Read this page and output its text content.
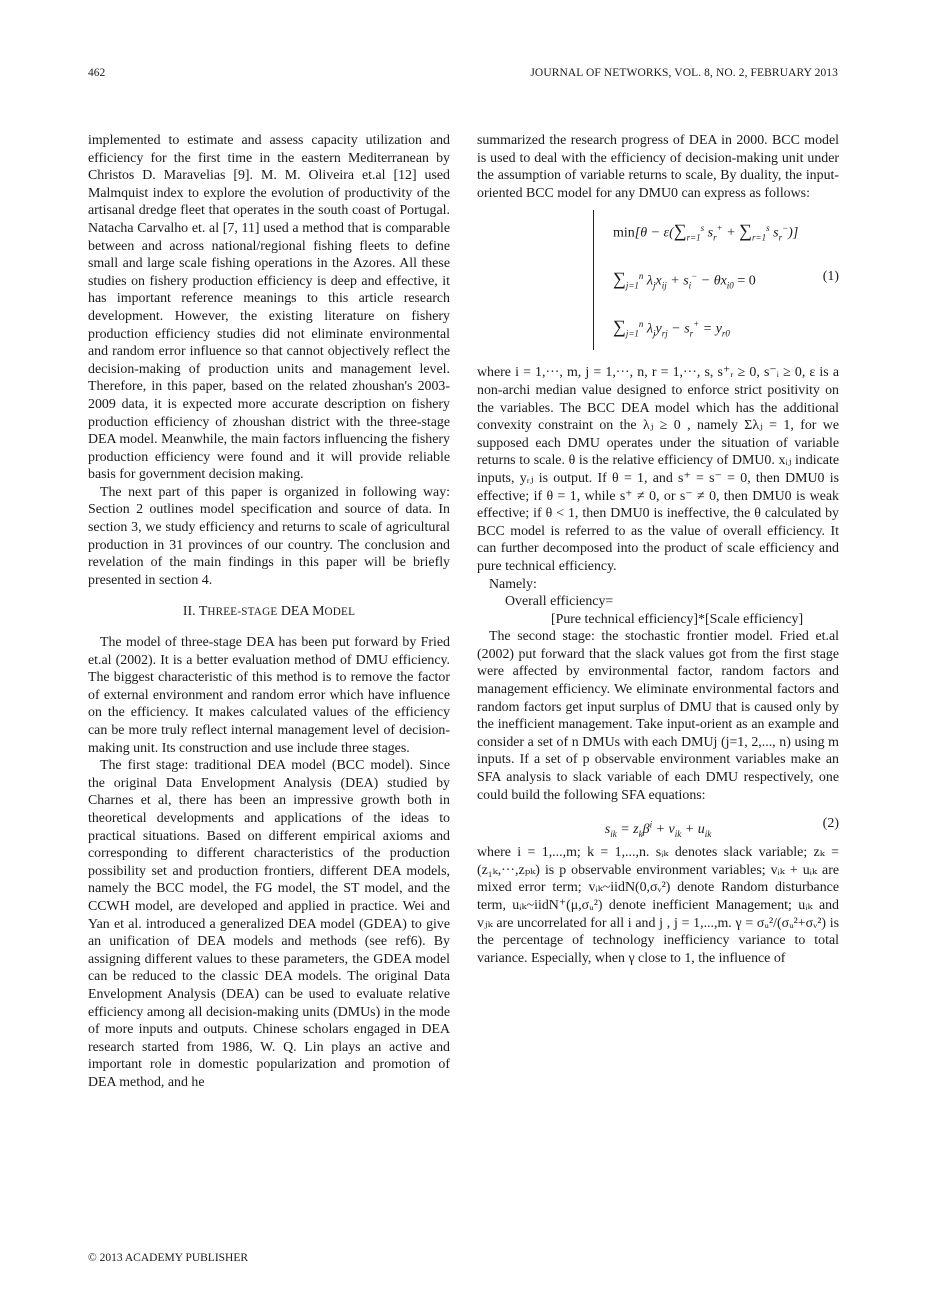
462	JOURNAL OF NETWORKS, VOL. 8, NO. 2, FEBRUARY 2013

implemented to estimate and assess capacity utilization and efficiency for the first time in the eastern Mediterranean by Christos D. Maravelias [9]. M. M. Oliveira et.al [12] used Malmquist index to explore the evolution of productivity of the artisanal dredge fleet that operates in the south coast of Portugal. Natacha Carvalho et. al [7, 11] used a method that is comparable between and across national/regional fishing fleets to define small and large scale fishing operations in the Azores. All these studies on fishery production efficiency is deep and effective, it has important reference meanings to this article research development. However, the existing literature on fishery production efficiency studies did not eliminate environmental and random error influence so that cannot objectively reflect the decision-making of production units and management level. Therefore, in this paper, based on the related zhoushan's 2003-2009 data, it is expected more accurate description on fishery production efficiency of zhoushan district with the three-stage DEA model. Meanwhile, the main factors influencing the fishery production efficiency were found and it will provide reliable basis for government decision making.

The next part of this paper is organized in following way: Section 2 outlines model specification and source of data. In section 3, we study efficiency and returns to scale of agricultural production in 31 provinces of our country. The conclusion and revelation of the main findings in this paper will be briefly presented in section 4.

II. THREE-STAGE DEA MODEL

The model of three-stage DEA has been put forward by Fried et.al (2002). It is a better evaluation method of DMU efficiency. The biggest characteristic of this method is to remove the factor of external environment and random error which have influence on the efficiency. It makes calculated values of the efficiency can be more truly reflect internal management level of decision-making unit. Its construction and use include three stages.

The first stage: traditional DEA model (BCC model). Since the original Data Envelopment Analysis (DEA) studied by Charnes et al, there has been an impressive growth both in theoretical developments and applications of the ideas to practical situations. Based on different empirical axioms and corresponding to different characteristics of the production possibility set and production frontiers, different DEA models, namely the BCC model, the FG model, the ST model, and the CCWH model, are developed and applied in practice. Wei and Yan et al. introduced a generalized DEA model (GDEA) to give an unification of DEA models and methods (see ref6). By assigning different values to these parameters, the GDEA model can be reduced to the classic DEA models. The original Data Envelopment Analysis (DEA) can be used to evaluate relative efficiency among all decision-making units (DMUs) in the mode of more inputs and outputs. Chinese scholars engaged in DEA research started from 1986, W. Q. Lin plays an active and important role in domestic popularization and promotion of DEA method, and he

summarized the research progress of DEA in 2000. BCC model is used to deal with the efficiency of decision-making unit under the assumption of variable returns to scale, By duality, the input-oriented BCC model for any DMU0 can express as follows:

$\min[\theta - \varepsilon(\sum_{r=1}^s$ $s_r^+ + \sum_{r=1}^s$ $s_r^-$)]
$\sum_{j=1}^n$ $\lambda_jx_{ij} + s_i^- - \theta x_{i0} = 0$
$\sum_{j=1}^n$ $\lambda_jy_{rj} - s_r^+ = y_{r0}$
(1)

where i = 1,···, m, j = 1,···, n, r = 1,···, s, s⁺ᵣ ≥ 0, s⁻ᵢ ≥ 0, ε is a non-archi median value designed to enforce strict positivity on the variables. The BCC DEA model which has the additional convexity constraint on the λⱼ ≥ 0 , namely Σλⱼ = 1, for we supposed each DMU operates under the situation of variable returns to scale. θ is the relative efficiency of DMU0. xᵢⱼ indicate inputs, yᵣⱼ is output. If θ = 1, and s⁺ = s⁻ = 0, then DMU0 is effective; if θ = 1, while s⁺ ≠ 0, or s⁻ ≠ 0, then DMU0 is weak effective; if θ < 1, then DMU0 is ineffective, the θ calculated by BCC model is referred to as the value of overall efficiency. It can further decomposed into the product of scale efficiency and pure technical efficiency.

Namely:

Overall efficiency=

[Pure technical efficiency]*[Scale efficiency]

The second stage: the stochastic frontier model. Fried et.al (2002) put forward that the slack values got from the first stage were affected by environmental factor, random factors and management efficiency. We eliminate environmental factors and random factors get input surplus of DMU that is caused only by the inefficient management. Take input-orient as an example and consider a set of n DMUs with each DMUj (j=1, 2,..., n) using m inputs. If a set of p observable environment variables make an SFA analysis to slack variable of each DMU respectively, one could build the following SFA equations:

$s_{ik} = z_k\beta^i + v_{ik} + u_{ik}$
(2)

where i = 1,...,m; k = 1,...,n. sᵢₖ denotes slack variable; zₖ = (z₁ₖ,···,zₚₖ) is p observable environment variables; vᵢₖ + uᵢₖ are mixed error term; vᵢₖ~iidN(0,σᵥ²) denote Random disturbance term, uᵢₖ~iidN⁺(μ,σᵤ²) denote inefficient Management; uᵢₖ and vⱼₖ are uncorrelated for all i and j , j = 1,...,m. γ = σᵤ²/(σᵤ²+σᵥ²) is the percentage of technology inefficiency variance to total variance. Especially, when γ close to 1, the influence of

© 2013 ACADEMY PUBLISHER
